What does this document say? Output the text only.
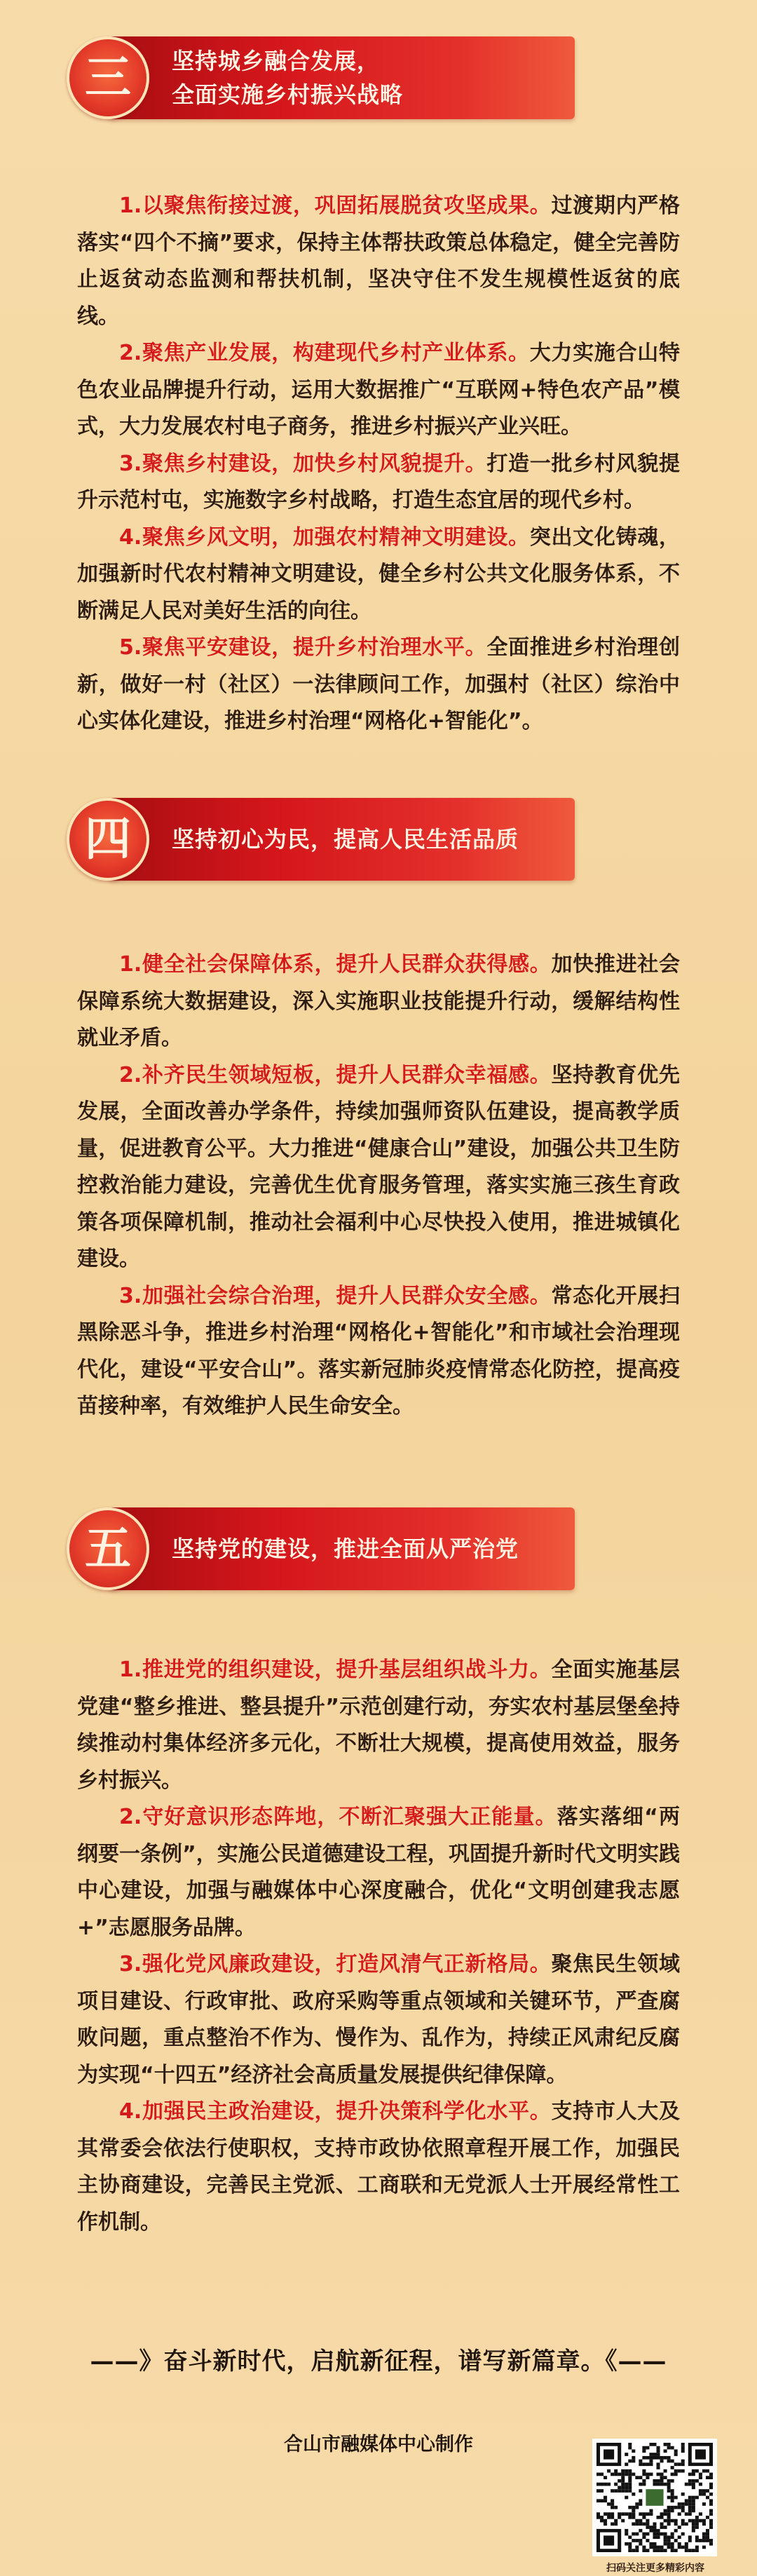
三	坚持城乡融合发展，
全面实施乡村振兴战略

1.以聚焦衔接过渡，巩固拓展脱贫攻坚成果。过渡期内严格落实“四个不摘”要求，保持主体帮扶政策总体稳定，健全完善防止返贫动态监测和帮扶机制，坚决守住不发生规模性返贫的底线。

2.聚焦产业发展，构建现代乡村产业体系。大力实施合山特色农业品牌提升行动，运用大数据推广“互联网+特色农产品”模式，大力发展农村电子商务，推进乡村振兴产业兴旺。

3.聚焦乡村建设，加快乡村风貌提升。打造一批乡村风貌提升示范村屯，实施数字乡村战略，打造生态宜居的现代乡村。

4.聚焦乡风文明，加强农村精神文明建设。突出文化铸魂，加强新时代农村精神文明建设，健全乡村公共文化服务体系，不断满足人民对美好生活的向往。

5.聚焦平安建设，提升乡村治理水平。全面推进乡村治理创新，做好一村（社区）一法律顾问工作，加强村（社区）综治中心实体化建设，推进乡村治理“网格化+智能化”。

四	坚持初心为民，提高人民生活品质

1.健全社会保障体系，提升人民群众获得感。加快推进社会保障系统大数据建设，深入实施职业技能提升行动，缓解结构性就业矛盾。

2.补齐民生领域短板，提升人民群众幸福感。坚持教育优先发展，全面改善办学条件，持续加强师资队伍建设，提高教学质量，促进教育公平。大力推进“健康合山”建设，加强公共卫生防控救治能力建设，完善优生优育服务管理，落实实施三孩生育政策各项保障机制，推动社会福利中心尽快投入使用，推进城镇化建设。

3.加强社会综合治理，提升人民群众安全感。常态化开展扫黑除恶斗争，推进乡村治理“网格化+智能化”和市域社会治理现代化，建设“平安合山”。落实新冠肺炎疫情常态化防控，提高疫苗接种率，有效维护人民生命安全。

五	坚持党的建设，推进全面从严治党

1.推进党的组织建设，提升基层组织战斗力。全面实施基层党建“整乡推进、整县提升”示范创建行动，夯实农村基层堡垒持续推动村集体经济多元化，不断壮大规模，提高使用效益，服务乡村振兴。

2.守好意识形态阵地，不断汇聚强大正能量。落实落细“两纲要一条例”，实施公民道德建设工程，巩固提升新时代文明实践中心建设，加强与融媒体中心深度融合，优化“文明创建我志愿+”志愿服务品牌。

3.强化党风廉政建设，打造风清气正新格局。聚焦民生领域项目建设、行政审批、政府采购等重点领域和关键环节，严查腐败问题，重点整治不作为、慢作为、乱作为，持续正风肃纪反腐为实现“十四五”经济社会高质量发展提供纪律保障。

4.加强民主政治建设，提升决策科学化水平。支持市人大及其常委会依法行使职权，支持市政协依照章程开展工作，加强民主协商建设，完善民主党派、工商联和无党派人士开展经常性工作机制。

——》奋斗新时代，启航新征程，谱写新篇章。《——
合山市融媒体中心制作
扫码关注更多精彩内容
